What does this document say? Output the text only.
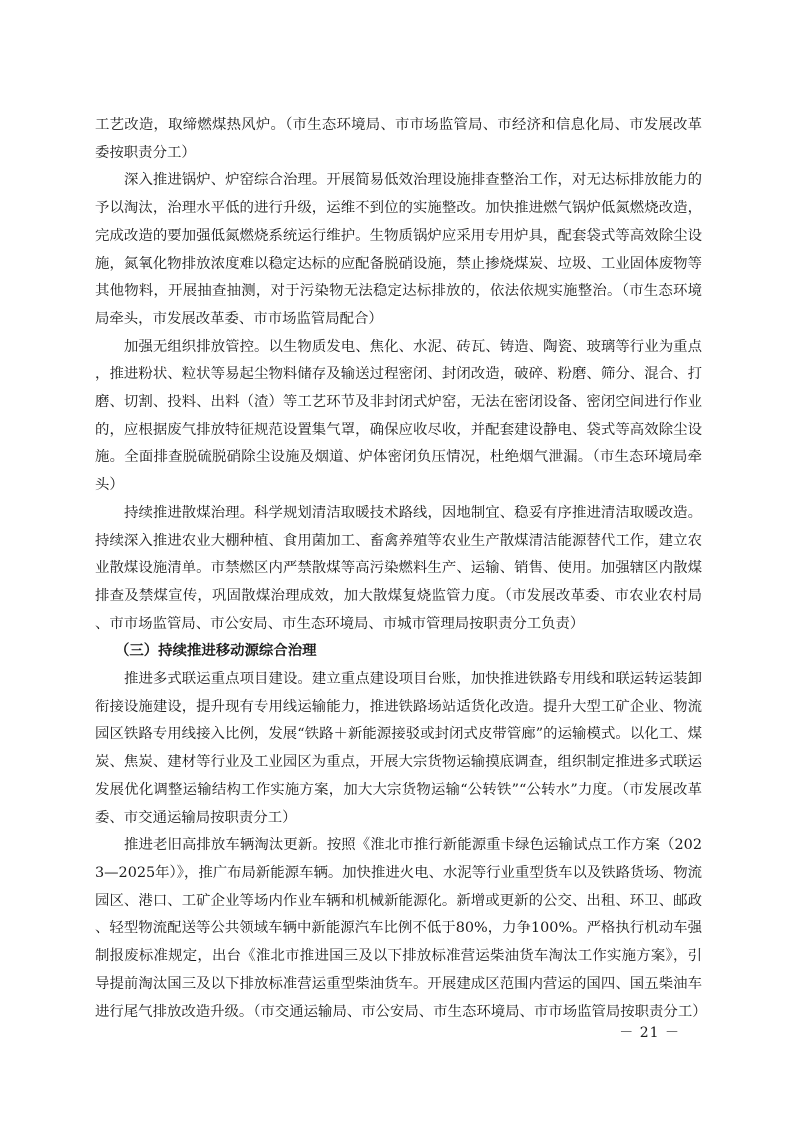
工艺改造，取缔燃煤热风炉。（市生态环境局、市市场监管局、市经济和信息化局、市发展改革委按职责分工）

深入推进锅炉、炉窑综合治理。开展简易低效治理设施排查整治工作，对无达标排放能力的予以淘汰，治理水平低的进行升级，运维不到位的实施整改。加快推进燃气锅炉低氮燃烧改造，完成改造的要加强低氮燃烧系统运行维护。生物质锅炉应采用专用炉具，配套袋式等高效除尘设施，氮氧化物排放浓度难以稳定达标的应配备脱硝设施，禁止掺烧煤炭、垃圾、工业固体废物等其他物料，开展抽查抽测，对于污染物无法稳定达标排放的，依法依规实施整治。（市生态环境局牵头，市发展改革委、市市场监管局配合）

加强无组织排放管控。以生物质发电、焦化、水泥、砖瓦、铸造、陶瓷、玻璃等行业为重点，推进粉状、粒状等易起尘物料储存及输送过程密闭、封闭改造，破碎、粉磨、筛分、混合、打磨、切割、投料、出料（渣）等工艺环节及非封闭式炉窑，无法在密闭设备、密闭空间进行作业的，应根据废气排放特征规范设置集气罩，确保应收尽收，并配套建设静电、袋式等高效除尘设施。全面排查脱硫脱硝除尘设施及烟道、炉体密闭负压情况，杜绝烟气泄漏。（市生态环境局牵头）

持续推进散煤治理。科学规划清洁取暖技术路线，因地制宜、稳妥有序推进清洁取暖改造。持续深入推进农业大棚种植、食用菌加工、畜禽养殖等农业生产散煤清洁能源替代工作，建立农业散煤设施清单。市禁燃区内严禁散煤等高污染燃料生产、运输、销售、使用。加强辖区内散煤排查及禁煤宣传，巩固散煤治理成效，加大散煤复烧监管力度。（市发展改革委、市农业农村局、市市场监管局、市公安局、市生态环境局、市城市管理局按职责分工负责）

（三）持续推进移动源综合治理

推进多式联运重点项目建设。建立重点建设项目台账，加快推进铁路专用线和联运转运装卸衔接设施建设，提升现有专用线运输能力，推进铁路场站适货化改造。提升大型工矿企业、物流园区铁路专用线接入比例，发展“铁路＋新能源接驳或封闭式皮带管廊”的运输模式。以化工、煤炭、焦炭、建材等行业及工业园区为重点，开展大宗货物运输摸底调查，组织制定推进多式联运发展优化调整运输结构工作实施方案，加大大宗货物运输“公转铁”“公转水”力度。（市发展改革委、市交通运输局按职责分工）

推进老旧高排放车辆淘汰更新。按照《淮北市推行新能源重卡绿色运输试点工作方案（2023—2025年）》，推广布局新能源车辆。加快推进火电、水泥等行业重型货车以及铁路货场、物流园区、港口、工矿企业等场内作业车辆和机械新能源化。新增或更新的公交、出租、环卫、邮政、轻型物流配送等公共领域车辆中新能源汽车比例不低于80%，力争100%。严格执行机动车强制报废标准规定，出台《淮北市推进国三及以下排放标准营运柴油货车淘汰工作实施方案》，引导提前淘汰国三及以下排放标准营运重型柴油货车。开展建成区范围内营运的国四、国五柴油车进行尾气排放改造升级。（市交通运输局、市公安局、市生态环境局、市市场监管局按职责分工）

－ 21 －
